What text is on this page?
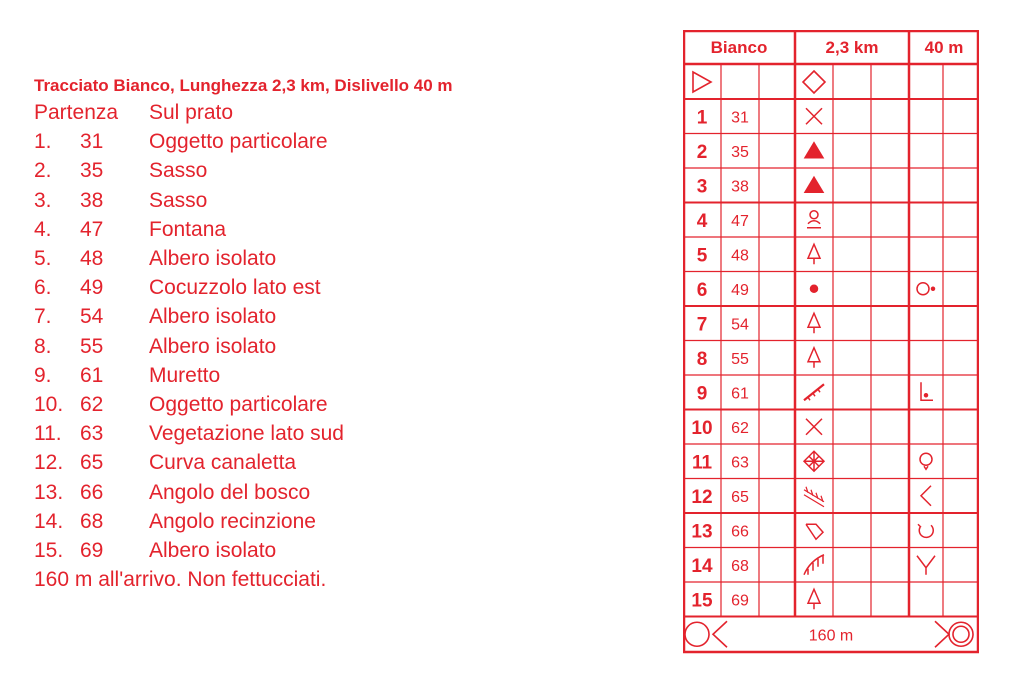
Tracciato Bianco, Lunghezza 2,3 km, Dislivello 40 m
Partenza	Sul prato
1.	31	Oggetto particolare
2.	35	Sasso
3.	38	Sasso
4.	47	Fontana
5.	48	Albero isolato
6.	49	Cocuzzolo lato est
7.	54	Albero isolato
8.	55	Albero isolato
9.	61	Muretto
10. 62	Oggetto particolare
11. 63	Vegetazione lato sud
12. 65	Curva canaletta
13. 66	Angolo del bosco
14. 68	Angolo recinzione
15. 69	Albero isolato
160 m all'arrivo. Non fettucciati.
Bianco	2,3 km	40 m
1 31
2 35
3 38
4 47
5 48
6 49
7 54
8 55
9 61
10 62
11 63
12 65
13 66
14 68
15 69
160 m
